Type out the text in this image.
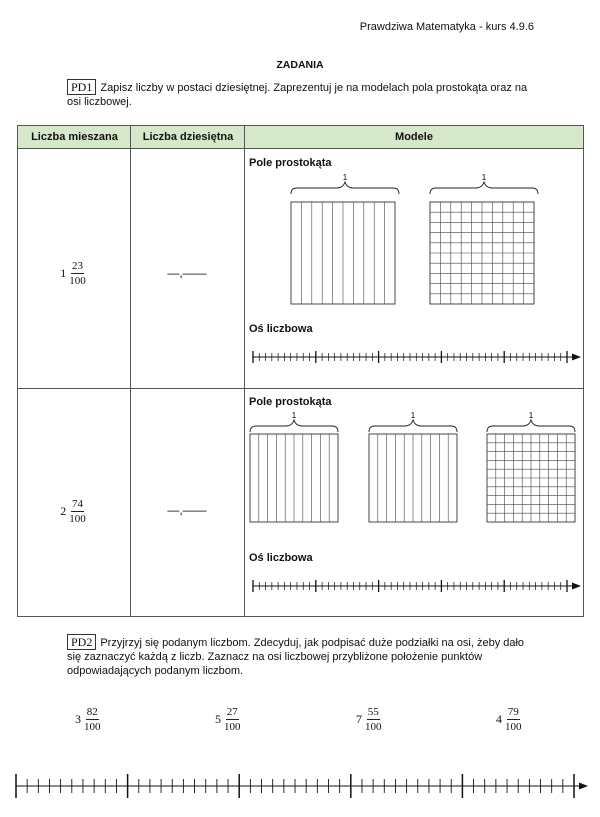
Prawdziwa Matematyka - kurs 4.9.6
ZADANIA
PD1 Zapisz liczby w postaci dziesiętnej. Zaprezentuj je na modelach pola prostokąta oraz na osi liczbowej.
Liczba mieszana	Liczba dziesiętna	Modele
$1 \frac{23}{100}$	—,——
Pole prostokąta
Oś liczbowa
1	1
$2 \frac{74}{100}$	—,——
Pole prostokąta
Oś liczbowa
1	1	1
PD2 Przyjrzyj się podanym liczbom. Zdecyduj, jak podpisać duże podziałki na osi, żeby dało się zaznaczyć każdą z liczb. Zaznacz na osi liczbowej przybliżone położenie punktów odpowiadających podanym liczbom.
$3 \frac{82}{100}$	$5 \frac{27}{100}$	$7 \frac{55}{100}$	$4 \frac{79}{100}$
